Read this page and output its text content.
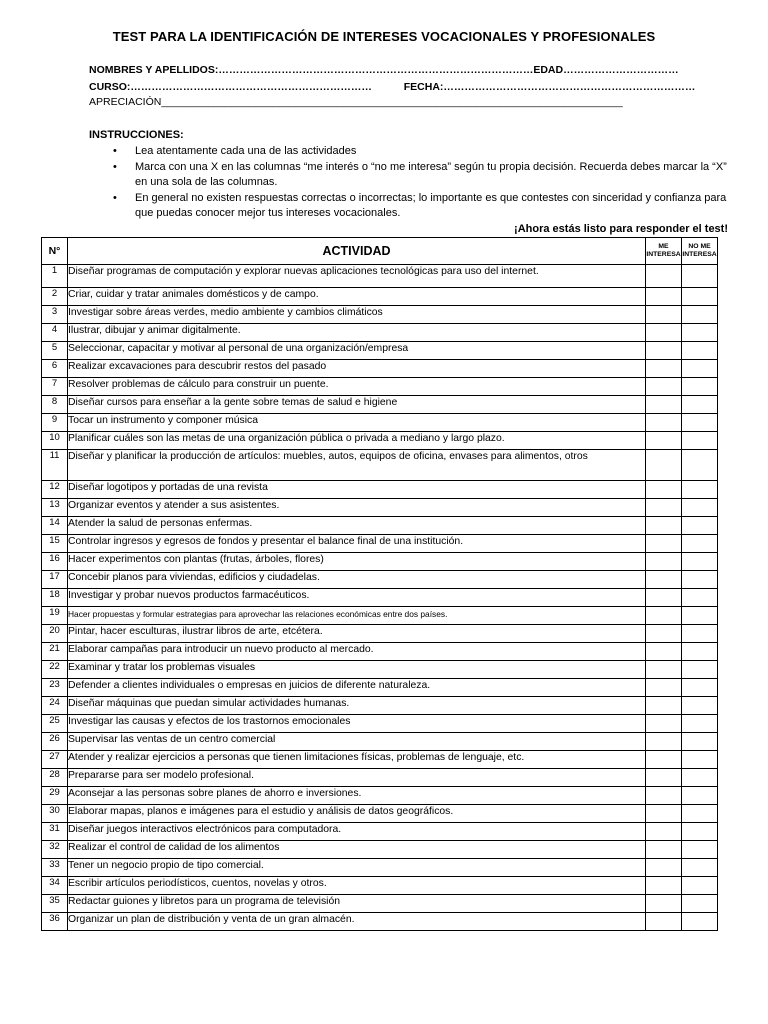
TEST PARA LA IDENTIFICACIÓN DE INTERESES VOCACIONALES Y PROFESIONALES
NOMBRES Y APELLIDOS:………………………………………………………………………………EDAD……………………………
CURSO:……………………………………………………………	FECHA:………………………………………………………………
APRECIACIÓN_______________________________________________________________________________
INSTRUCCIONES:
• Lea atentamente cada una de las actividades
• Marca con una X en las columnas “me interés o “no me interesa” según tu propia decisión. Recuerda debes marcar la “X” en una sola de las columnas.
• En general no existen respuestas correctas o incorrectas; lo importante es que contestes con sinceridad y confianza para que puedas conocer mejor tus intereses vocacionales.
¡Ahora estás listo para responder el test!
N°	ACTIVIDAD	ME INTERESA	NO ME INTERESA
1	Diseñar programas de computación y explorar nuevas aplicaciones tecnológicas para uso del internet.		
2	Criar, cuidar y tratar animales domésticos y de campo.		
3	Investigar sobre áreas verdes, medio ambiente y cambios climáticos		
4	Ilustrar, dibujar y animar digitalmente.		
5	Seleccionar, capacitar y motivar al personal de una organización/empresa		
6	Realizar excavaciones para descubrir restos del pasado		
7	Resolver problemas de cálculo para construir un puente.		
8	Diseñar cursos para enseñar a la gente sobre temas de salud e higiene		
9	Tocar un instrumento y componer música		
10	Planificar cuáles son las metas de una organización pública o privada a mediano y largo plazo.		
11	Diseñar y planificar la producción de artículos: muebles, autos, equipos de oficina, envases para alimentos, otros		
12	Diseñar logotipos y portadas de una revista		
13	Organizar eventos y atender a sus asistentes.		
14	Atender la salud de personas enfermas.		
15	Controlar ingresos y egresos de fondos y presentar el balance final de una institución.		
16	Hacer experimentos con plantas (frutas, árboles, flores)		
17	Concebir planos para viviendas, edificios y ciudadelas.		
18	Investigar y probar nuevos productos farmacéuticos.		
19	Hacer propuestas y formular estrategias para aprovechar las relaciones económicas entre dos países.		
20	Pintar, hacer esculturas, ilustrar libros de arte, etcétera.		
21	Elaborar campañas para introducir un nuevo producto al mercado.		
22	Examinar y tratar los problemas visuales		
23	Defender a clientes individuales o empresas en juicios de diferente naturaleza.		
24	Diseñar máquinas que puedan simular actividades humanas.		
25	Investigar las causas y efectos de los trastornos emocionales		
26	Supervisar las ventas de un centro comercial		
27	Atender y realizar ejercicios a personas que tienen limitaciones físicas, problemas de lenguaje, etc.		
28	Prepararse para ser modelo profesional.		
29	Aconsejar a las personas sobre planes de ahorro e inversiones.		
30	Elaborar mapas, planos e imágenes para el estudio y análisis de datos geográficos.		
31	Diseñar juegos interactivos electrónicos para computadora.		
32	Realizar el control de calidad de los alimentos		
33	Tener un negocio propio de tipo comercial.		
34	Escribir artículos periodísticos, cuentos, novelas y otros.		
35	Redactar guiones y libretos para un programa de televisión		
36	Organizar un plan de distribución y venta de un gran almacén.		
